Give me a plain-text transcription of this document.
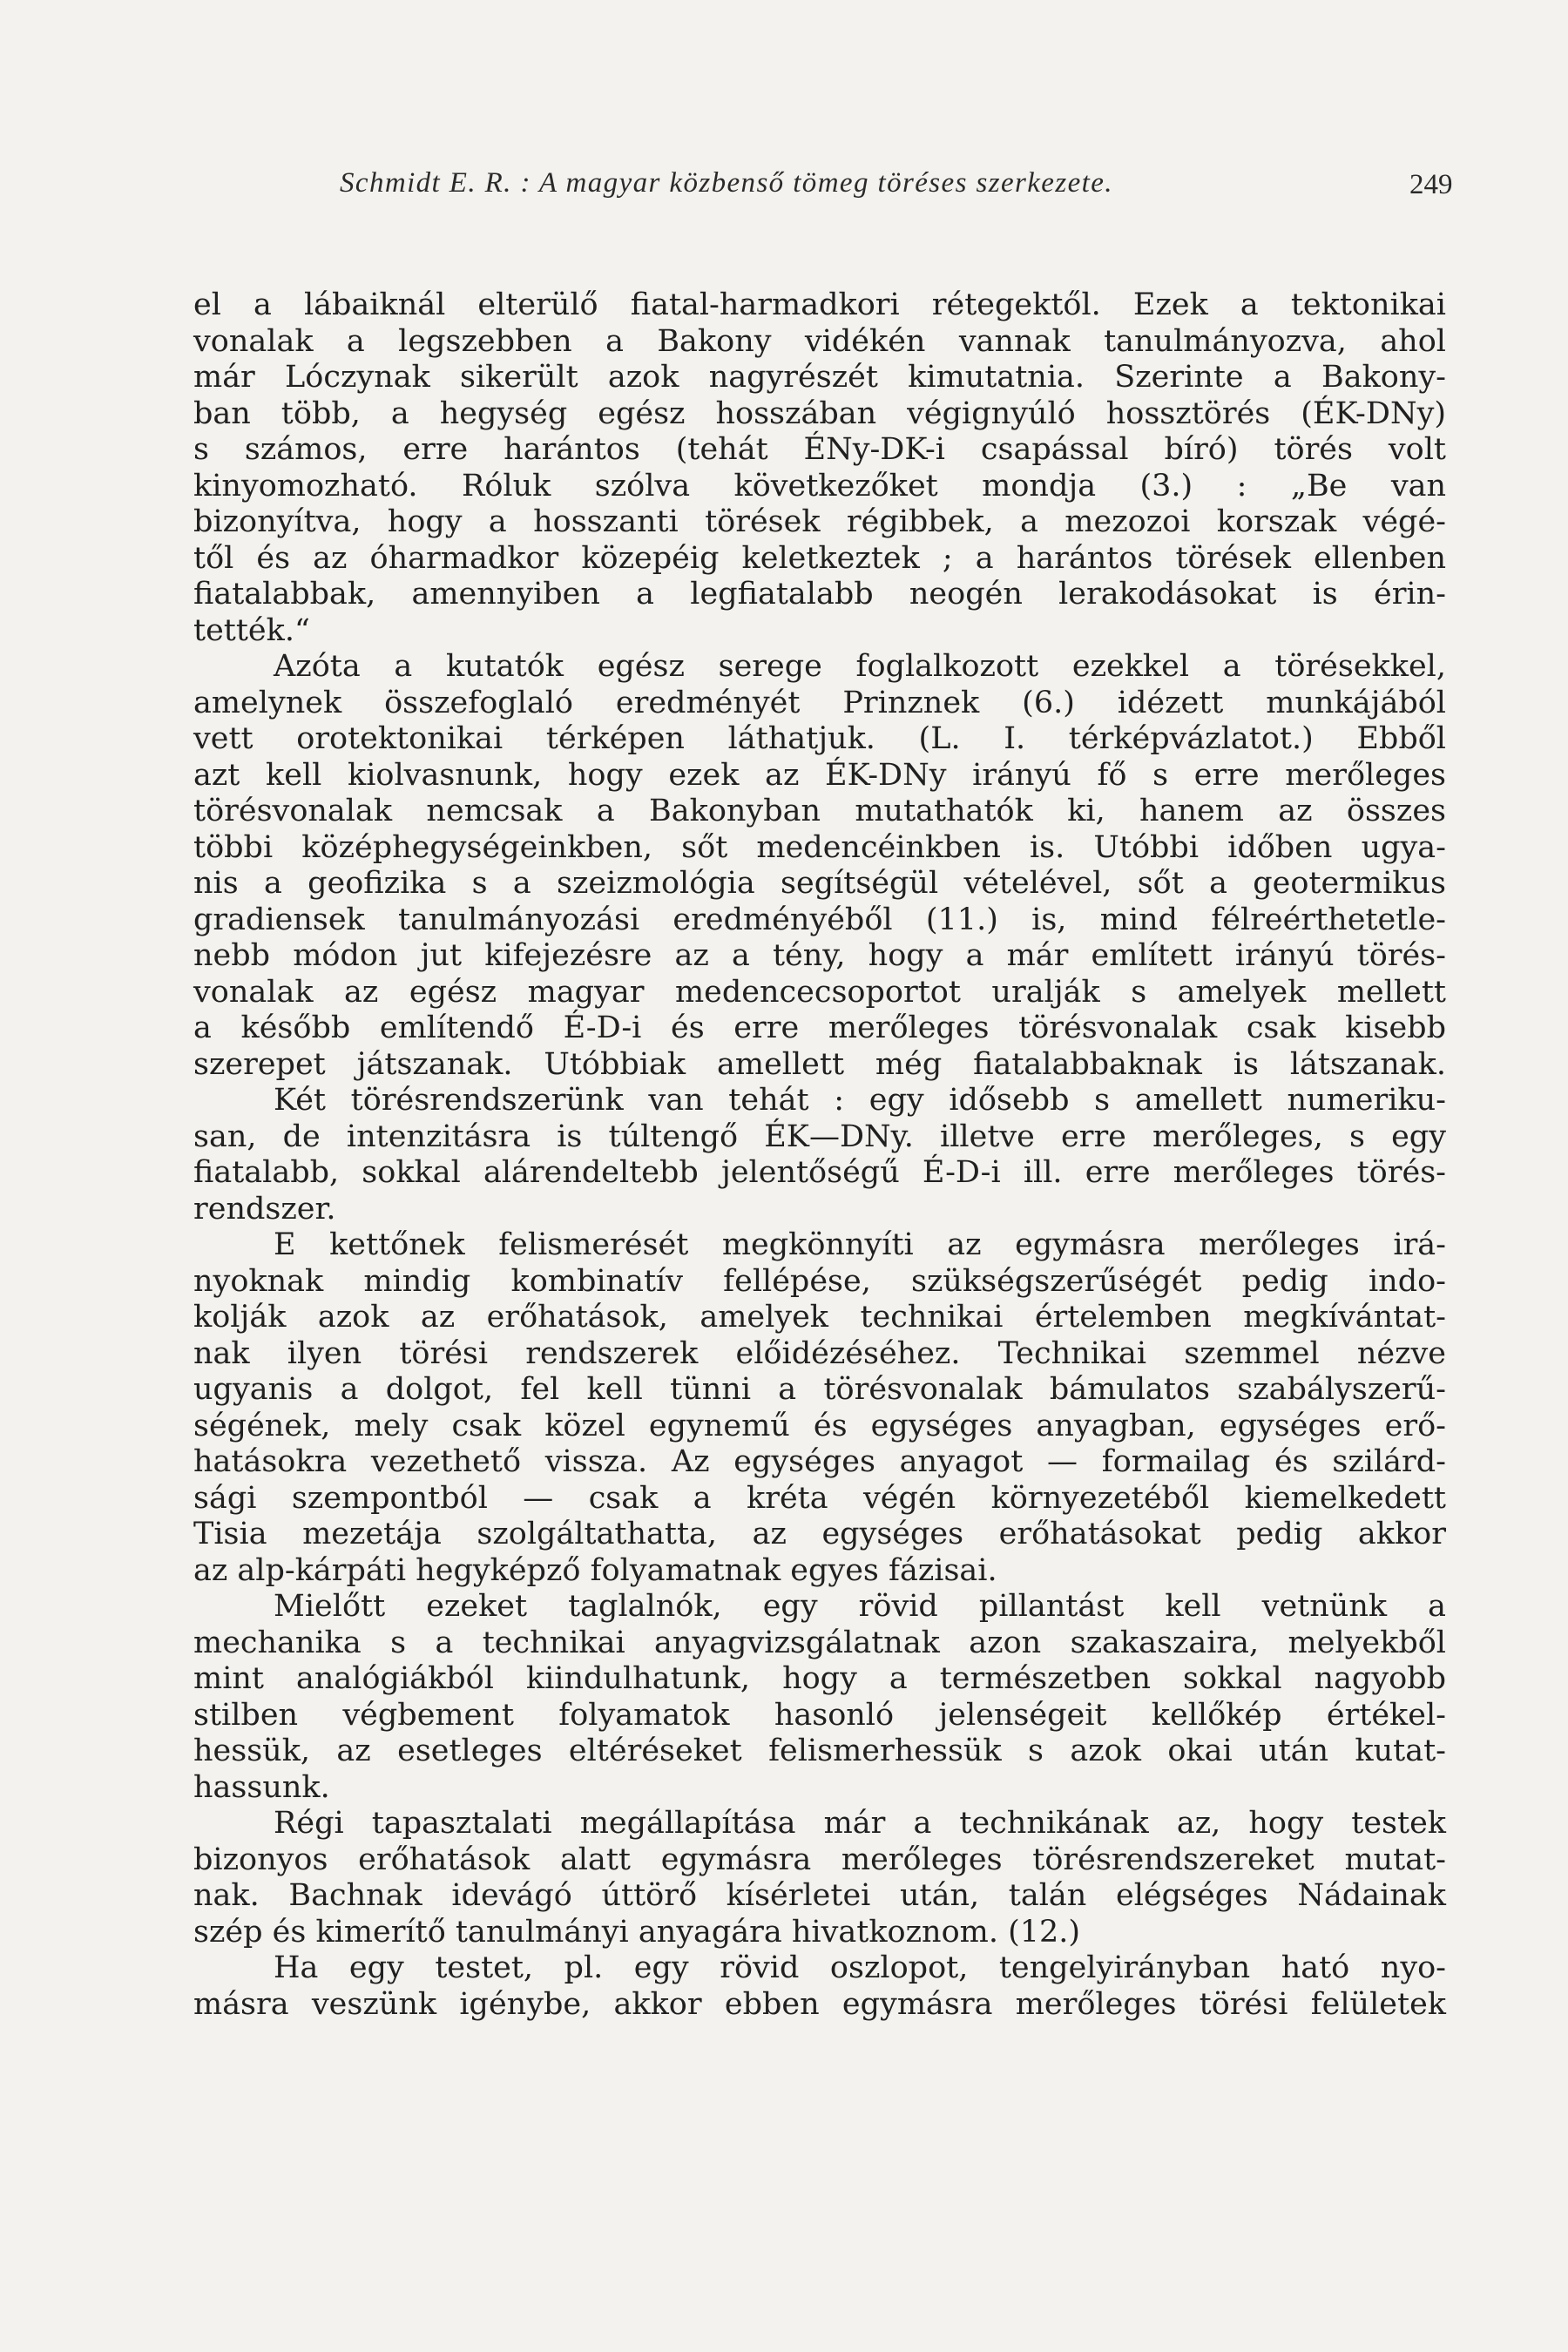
Schmidt E. R. : A magyar közbenső tömeg töréses szerkezete.	249
el a lábaiknál elterülő fiatal-harmadkori rétegektől. Ezek a tektonikai
vonalak a legszebben a Bakony vidékén vannak tanulmányozva, ahol
már Lóczynak sikerült azok nagyrészét kimutatnia. Szerinte a Bakony-
ban több, a hegység egész hosszában végignyúló hossztörés (ÉK-DNy)
s számos, erre harántos (tehát ÉNy-DK-i csapással bíró) törés volt
kinyomozható. Róluk szólva következőket mondja (3.) : „Be van
bizonyítva, hogy a hosszanti törések régibbek, a mezozoi korszak végé-
től és az óharmadkor közepéig keletkeztek ; a harántos törések ellenben
fiatalabbak, amennyiben a legfiatalabb neogén lerakodásokat is érin-
tették.“
Azóta a kutatók egész serege foglalkozott ezekkel a törésekkel,
amelynek összefoglaló eredményét Prinznek (6.) idézett munkájából
vett orotektonikai térképen láthatjuk. (L. I. térképvázlatot.) Ebből
azt kell kiolvasnunk, hogy ezek az ÉK-DNy irányú fő s erre merőleges
törésvonalak nemcsak a Bakonyban mutathatók ki, hanem az összes
többi középhegységeinkben, sőt medencéinkben is. Utóbbi időben ugya-
nis a geofizika s a szeizmológia segítségül vételével, sőt a geotermikus
gradiensek tanulmányozási eredményéből (11.) is, mind félreérthetetle-
nebb módon jut kifejezésre az a tény, hogy a már említett irányú törés-
vonalak az egész magyar medencecsoportot uralják s amelyek mellett
a később említendő É-D-i és erre merőleges törésvonalak csak kisebb
szerepet játszanak. Utóbbiak amellett még fiatalabbaknak is látszanak.
Két törésrendszerünk van tehát : egy idősebb s amellett numeriku-
san, de intenzitásra is túltengő ÉK—DNy. illetve erre merőleges, s egy
fiatalabb, sokkal alárendeltebb jelentőségű É-D-i ill. erre merőleges törés-
rendszer.
E kettőnek felismerését megkönnyíti az egymásra merőleges irá-
nyoknak mindig kombinatív fellépése, szükségszerűségét pedig indo-
kolják azok az erőhatások, amelyek technikai értelemben megkívántat-
nak ilyen törési rendszerek előidézéséhez. Technikai szemmel nézve
ugyanis a dolgot, fel kell tünni a törésvonalak bámulatos szabályszerű-
ségének, mely csak közel egynemű és egységes anyagban, egységes erő-
hatásokra vezethető vissza. Az egységes anyagot — formailag és szilárd-
sági szempontból — csak a kréta végén környezetéből kiemelkedett
Tisia mezetája szolgáltathatta, az egységes erőhatásokat pedig akkor
az alp-kárpáti hegyképző folyamatnak egyes fázisai.
Mielőtt ezeket taglalnók, egy rövid pillantást kell vetnünk a
mechanika s a technikai anyagvizsgálatnak azon szakaszaira, melyekből
mint analógiákból kiindulhatunk, hogy a természetben sokkal nagyobb
stilben végbement folyamatok hasonló jelenségeit kellőkép értékel-
hessük, az esetleges eltéréseket felismerhessük s azok okai után kutat-
hassunk.
Régi tapasztalati megállapítása már a technikának az, hogy testek
bizonyos erőhatások alatt egymásra merőleges törésrendszereket mutat-
nak. Bachnak idevágó úttörő kísérletei után, talán elégséges Nádainak
szép és kimerítő tanulmányi anyagára hivatkoznom. (12.)
Ha egy testet, pl. egy rövid oszlopot, tengelyirányban ható nyo-
másra veszünk igénybe, akkor ebben egymásra merőleges törési felületek
